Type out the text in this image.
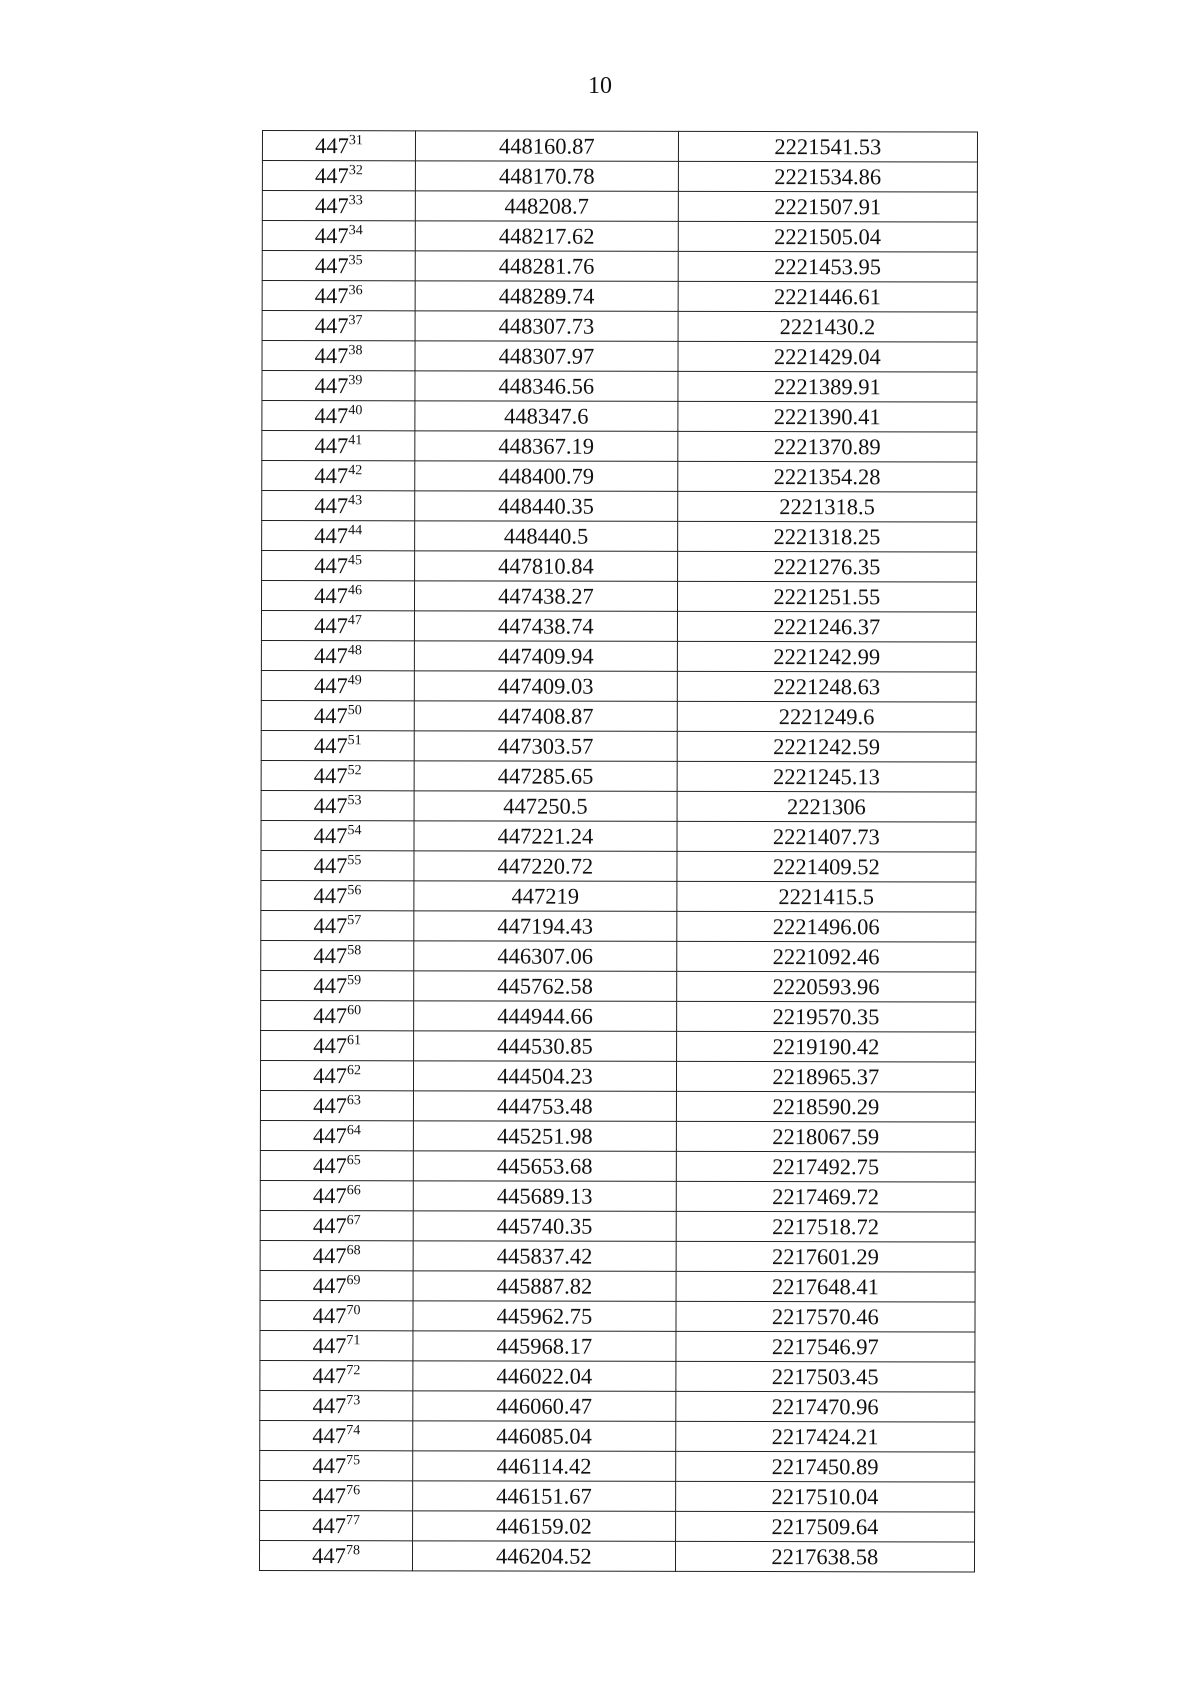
10
$447^{31}$	448160.87	2221541.53
$447^{32}$	448170.78	2221534.86
$447^{33}$	448208.7	2221507.91
$447^{34}$	448217.62	2221505.04
$447^{35}$	448281.76	2221453.95
$447^{36}$	448289.74	2221446.61
$447^{37}$	448307.73	2221430.2
$447^{38}$	448307.97	2221429.04
$447^{39}$	448346.56	2221389.91
$447^{40}$	448347.6	2221390.41
$447^{41}$	448367.19	2221370.89
$447^{42}$	448400.79	2221354.28
$447^{43}$	448440.35	2221318.5
$447^{44}$	448440.5	2221318.25
$447^{45}$	447810.84	2221276.35
$447^{46}$	447438.27	2221251.55
$447^{47}$	447438.74	2221246.37
$447^{48}$	447409.94	2221242.99
$447^{49}$	447409.03	2221248.63
$447^{50}$	447408.87	2221249.6
$447^{51}$	447303.57	2221242.59
$447^{52}$	447285.65	2221245.13
$447^{53}$	447250.5	2221306
$447^{54}$	447221.24	2221407.73
$447^{55}$	447220.72	2221409.52
$447^{56}$	447219	2221415.5
$447^{57}$	447194.43	2221496.06
$447^{58}$	446307.06	2221092.46
$447^{59}$	445762.58	2220593.96
$447^{60}$	444944.66	2219570.35
$447^{61}$	444530.85	2219190.42
$447^{62}$	444504.23	2218965.37
$447^{63}$	444753.48	2218590.29
$447^{64}$	445251.98	2218067.59
$447^{65}$	445653.68	2217492.75
$447^{66}$	445689.13	2217469.72
$447^{67}$	445740.35	2217518.72
$447^{68}$	445837.42	2217601.29
$447^{69}$	445887.82	2217648.41
$447^{70}$	445962.75	2217570.46
$447^{71}$	445968.17	2217546.97
$447^{72}$	446022.04	2217503.45
$447^{73}$	446060.47	2217470.96
$447^{74}$	446085.04	2217424.21
$447^{75}$	446114.42	2217450.89
$447^{76}$	446151.67	2217510.04
$447^{77}$	446159.02	2217509.64
$447^{78}$	446204.52	2217638.58
